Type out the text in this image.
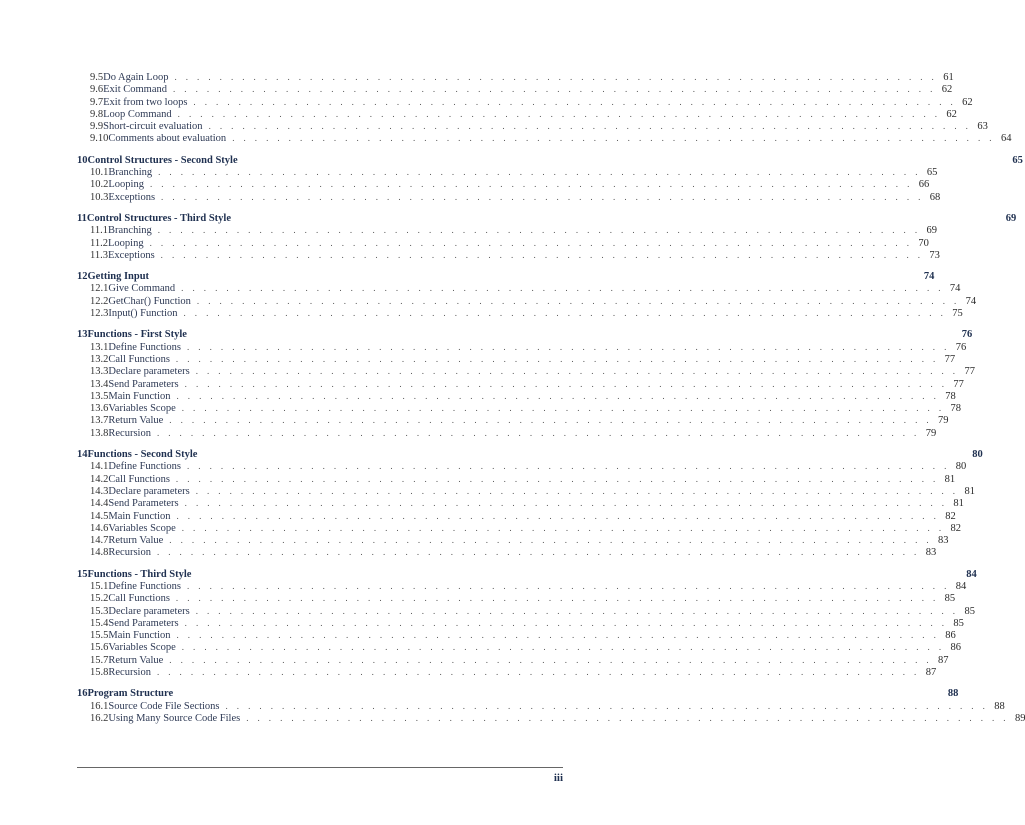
9.5 Do Again Loop . . . . . . . . . . . . . . . . . . . . . . . . . . . . . . . . . . . . . . . . . . . . . . . . . . . . . . . . . . . . . . . . . . . . 61
9.6 Exit Command . . . . . . . . . . . . . . . . . . . . . . . . . . . . . . . . . . . . . . . . . . . . . . . . . . . . . . . . . . . . . . . . . . . . 62
9.7 Exit from two loops . . . . . . . . . . . . . . . . . . . . . . . . . . . . . . . . . . . . . . . . . . . . . . . . . . . . . . . . . . . . . . . . . . . . 62
9.8 Loop Command . . . . . . . . . . . . . . . . . . . . . . . . . . . . . . . . . . . . . . . . . . . . . . . . . . . . . . . . . . . . . . . . . . . . 62
9.9 Short-circuit evaluation . . . . . . . . . . . . . . . . . . . . . . . . . . . . . . . . . . . . . . . . . . . . . . . . . . . . . . . . . . . . . . . . . . . . 63
9.10 Comments about evaluation . . . . . . . . . . . . . . . . . . . . . . . . . . . . . . . . . . . . . . . . . . . . . . . . . . . . . . . . . . . . . . . . . . . . 64
10 Control Structures - Second Style	65
10.1 Branching . . . . . . . . . . . . . . . . . . . . . . . . . . . . . . . . . . . . . . . . . . . . . . . . . . . . . . . . . . . . . . . . . . . . 65
10.2 Looping . . . . . . . . . . . . . . . . . . . . . . . . . . . . . . . . . . . . . . . . . . . . . . . . . . . . . . . . . . . . . . . . . . . . 66
10.3 Exceptions . . . . . . . . . . . . . . . . . . . . . . . . . . . . . . . . . . . . . . . . . . . . . . . . . . . . . . . . . . . . . . . . . . . . 68
11 Control Structures - Third Style	69
11.1 Branching . . . . . . . . . . . . . . . . . . . . . . . . . . . . . . . . . . . . . . . . . . . . . . . . . . . . . . . . . . . . . . . . . . . . 69
11.2 Looping . . . . . . . . . . . . . . . . . . . . . . . . . . . . . . . . . . . . . . . . . . . . . . . . . . . . . . . . . . . . . . . . . . . . 70
11.3 Exceptions . . . . . . . . . . . . . . . . . . . . . . . . . . . . . . . . . . . . . . . . . . . . . . . . . . . . . . . . . . . . . . . . . . . . 73
12 Getting Input	74
12.1 Give Command . . . . . . . . . . . . . . . . . . . . . . . . . . . . . . . . . . . . . . . . . . . . . . . . . . . . . . . . . . . . . . . . . . . . 74
12.2 GetChar() Function . . . . . . . . . . . . . . . . . . . . . . . . . . . . . . . . . . . . . . . . . . . . . . . . . . . . . . . . . . . . . . . . . . . . 74
12.3 Input() Function . . . . . . . . . . . . . . . . . . . . . . . . . . . . . . . . . . . . . . . . . . . . . . . . . . . . . . . . . . . . . . . . . . . . 75
13 Functions - First Style	76
13.1 Define Functions . . . . . . . . . . . . . . . . . . . . . . . . . . . . . . . . . . . . . . . . . . . . . . . . . . . . . . . . . . . . . . . . . . . . 76
13.2 Call Functions . . . . . . . . . . . . . . . . . . . . . . . . . . . . . . . . . . . . . . . . . . . . . . . . . . . . . . . . . . . . . . . . . . . . 77
13.3 Declare parameters . . . . . . . . . . . . . . . . . . . . . . . . . . . . . . . . . . . . . . . . . . . . . . . . . . . . . . . . . . . . . . . . . . . . 77
13.4 Send Parameters . . . . . . . . . . . . . . . . . . . . . . . . . . . . . . . . . . . . . . . . . . . . . . . . . . . . . . . . . . . . . . . . . . . . 77
13.5 Main Function . . . . . . . . . . . . . . . . . . . . . . . . . . . . . . . . . . . . . . . . . . . . . . . . . . . . . . . . . . . . . . . . . . . . 78
13.6 Variables Scope . . . . . . . . . . . . . . . . . . . . . . . . . . . . . . . . . . . . . . . . . . . . . . . . . . . . . . . . . . . . . . . . . . . . 78
13.7 Return Value . . . . . . . . . . . . . . . . . . . . . . . . . . . . . . . . . . . . . . . . . . . . . . . . . . . . . . . . . . . . . . . . . . . . 79
13.8 Recursion . . . . . . . . . . . . . . . . . . . . . . . . . . . . . . . . . . . . . . . . . . . . . . . . . . . . . . . . . . . . . . . . . . . . 79
14 Functions - Second Style	80
14.1 Define Functions . . . . . . . . . . . . . . . . . . . . . . . . . . . . . . . . . . . . . . . . . . . . . . . . . . . . . . . . . . . . . . . . . . . . 80
14.2 Call Functions . . . . . . . . . . . . . . . . . . . . . . . . . . . . . . . . . . . . . . . . . . . . . . . . . . . . . . . . . . . . . . . . . . . . 81
14.3 Declare parameters . . . . . . . . . . . . . . . . . . . . . . . . . . . . . . . . . . . . . . . . . . . . . . . . . . . . . . . . . . . . . . . . . . . . 81
14.4 Send Parameters . . . . . . . . . . . . . . . . . . . . . . . . . . . . . . . . . . . . . . . . . . . . . . . . . . . . . . . . . . . . . . . . . . . . 81
14.5 Main Function . . . . . . . . . . . . . . . . . . . . . . . . . . . . . . . . . . . . . . . . . . . . . . . . . . . . . . . . . . . . . . . . . . . . 82
14.6 Variables Scope . . . . . . . . . . . . . . . . . . . . . . . . . . . . . . . . . . . . . . . . . . . . . . . . . . . . . . . . . . . . . . . . . . . . 82
14.7 Return Value . . . . . . . . . . . . . . . . . . . . . . . . . . . . . . . . . . . . . . . . . . . . . . . . . . . . . . . . . . . . . . . . . . . . 83
14.8 Recursion . . . . . . . . . . . . . . . . . . . . . . . . . . . . . . . . . . . . . . . . . . . . . . . . . . . . . . . . . . . . . . . . . . . . 83
15 Functions - Third Style	84
15.1 Define Functions . . . . . . . . . . . . . . . . . . . . . . . . . . . . . . . . . . . . . . . . . . . . . . . . . . . . . . . . . . . . . . . . . . . . 84
15.2 Call Functions . . . . . . . . . . . . . . . . . . . . . . . . . . . . . . . . . . . . . . . . . . . . . . . . . . . . . . . . . . . . . . . . . . . . 85
15.3 Declare parameters . . . . . . . . . . . . . . . . . . . . . . . . . . . . . . . . . . . . . . . . . . . . . . . . . . . . . . . . . . . . . . . . . . . . 85
15.4 Send Parameters . . . . . . . . . . . . . . . . . . . . . . . . . . . . . . . . . . . . . . . . . . . . . . . . . . . . . . . . . . . . . . . . . . . . 85
15.5 Main Function . . . . . . . . . . . . . . . . . . . . . . . . . . . . . . . . . . . . . . . . . . . . . . . . . . . . . . . . . . . . . . . . . . . . 86
15.6 Variables Scope . . . . . . . . . . . . . . . . . . . . . . . . . . . . . . . . . . . . . . . . . . . . . . . . . . . . . . . . . . . . . . . . . . . . 86
15.7 Return Value . . . . . . . . . . . . . . . . . . . . . . . . . . . . . . . . . . . . . . . . . . . . . . . . . . . . . . . . . . . . . . . . . . . . 87
15.8 Recursion . . . . . . . . . . . . . . . . . . . . . . . . . . . . . . . . . . . . . . . . . . . . . . . . . . . . . . . . . . . . . . . . . . . . 87
16 Program Structure	88
16.1 Source Code File Sections . . . . . . . . . . . . . . . . . . . . . . . . . . . . . . . . . . . . . . . . . . . . . . . . . . . . . . . . . . . . . . . . . . . . 88
16.2 Using Many Source Code Files . . . . . . . . . . . . . . . . . . . . . . . . . . . . . . . . . . . . . . . . . . . . . . . . . . . . . . . . . . . . . . . . . . . . 89
iii
